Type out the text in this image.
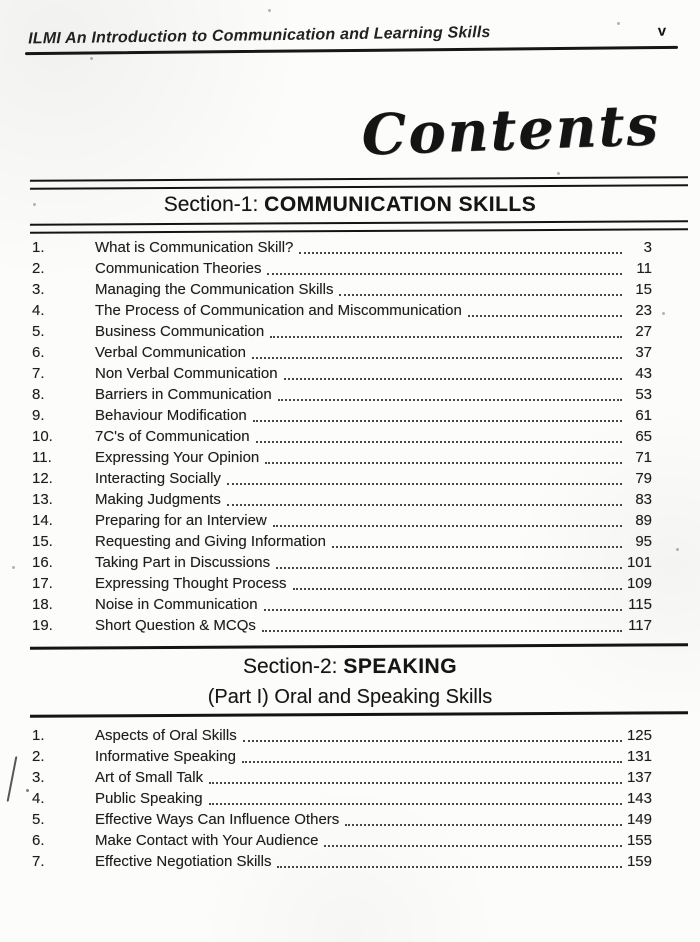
ILMI An Introduction to Communication and Learning Skills	v
Contents
Section-1: COMMUNICATION SKILLS
1.	What is Communication Skill?	3
2.	Communication Theories	11
3.	Managing the Communication Skills	15
4.	The Process of Communication and Miscommunication	23
5.	Business Communication	27
6.	Verbal Communication	37
7.	Non Verbal Communication	43
8.	Barriers in Communication	53
9.	Behaviour Modification	61
10.	7C's of Communication	65
11.	Expressing Your Opinion	71
12.	Interacting Socially	79
13.	Making Judgments	83
14.	Preparing for an Interview	89
15.	Requesting and Giving Information	95
16.	Taking Part in Discussions	101
17.	Expressing Thought Process	109
18.	Noise in Communication	115
19.	Short Question & MCQs	117
Section-2: SPEAKING
(Part I) Oral and Speaking Skills
1.	Aspects of Oral Skills	125
2.	Informative Speaking	131
3.	Art of Small Talk	137
4.	Public Speaking	143
5.	Effective Ways Can Influence Others	149
6.	Make Contact with Your Audience	155
7.	Effective Negotiation Skills	159
